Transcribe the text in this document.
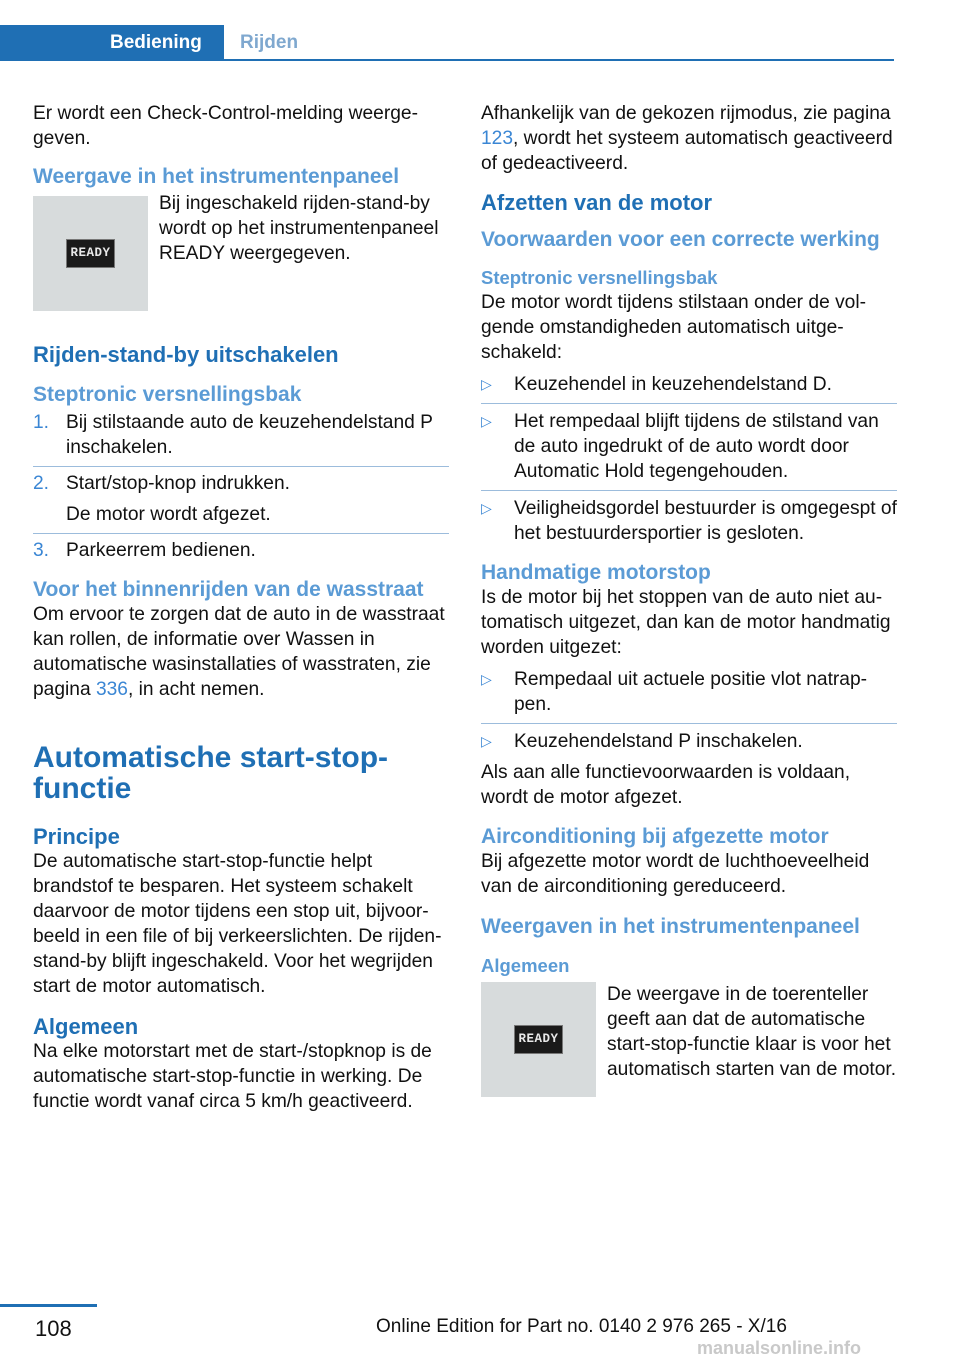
Bediening	Rijden

Er wordt een Check-Control-melding weergegeven.

Weergave in het instrumentenpaneel
READY

Bij ingeschakeld rijden-stand-by wordt op het instrumentenpaneel READY weergegeven.

Rijden-stand-by uitschakelen
Steptronic versnellingsbak
1. Bij stilstaande auto de keuzehendelstand P inschakelen.
2. Start/stop-knop indrukken.
De motor wordt afgezet.
3. Parkeerrem bedienen.
Voor het binnenrijden van de wasstraat

Om ervoor te zorgen dat de auto in de wasstraat kan rollen, de informatie over Wassen in automatische wasinstallaties of wasstraten, zie pagina 336, in acht nemen.

Automatische start-stop-functie
Principe

De automatische start-stop-functie helpt brandstof te besparen. Het systeem schakelt daarvoor de motor tijdens een stop uit, bijvoorbeeld in een file of bij verkeerslichten. De rijden-stand-by blijft ingeschakeld. Voor het wegrijden start de motor automatisch.

Algemeen

Na elke motorstart met de start-/stopknop is de automatische start-stop-functie in werking. De functie wordt vanaf circa 5 km/h geactiveerd.

Afhankelijk van de gekozen rijmodus, zie pagina 123, wordt het systeem automatisch geactiveerd of gedeactiveerd.

Afzetten van de motor
Voorwaarden voor een correcte werking
Steptronic versnellingsbak

De motor wordt tijdens stilstaan onder de volgende omstandigheden automatisch uitgeschakeld:

▷	Keuzehendel in keuzehendelstand D.
▷	Het rempedaal blijft tijdens de stilstand van de auto ingedrukt of de auto wordt door Automatic Hold tegengehouden.
▷	Veiligheidsgordel bestuurder is omgegespt of het bestuurdersportier is gesloten.
Handmatige motorstop

Is de motor bij het stoppen van de auto niet automatisch uitgezet, dan kan de motor handmatig worden uitgezet:

▷	Rempedaal uit actuele positie vlot natrappen.
▷	Keuzehendelstand P inschakelen.

Als aan alle functievoorwaarden is voldaan, wordt de motor afgezet.

Airconditioning bij afgezette motor

Bij afgezette motor wordt de luchthoeveelheid van de airconditioning gereduceerd.

Weergaven in het instrumentenpaneel
Algemeen
READY

De weergave in de toerenteller geeft aan dat de automatische start-stop-functie klaar is voor het automatisch starten van de motor.

108	Online Edition for Part no. 0140 2 976 265 - X/16
manualsonline.info
